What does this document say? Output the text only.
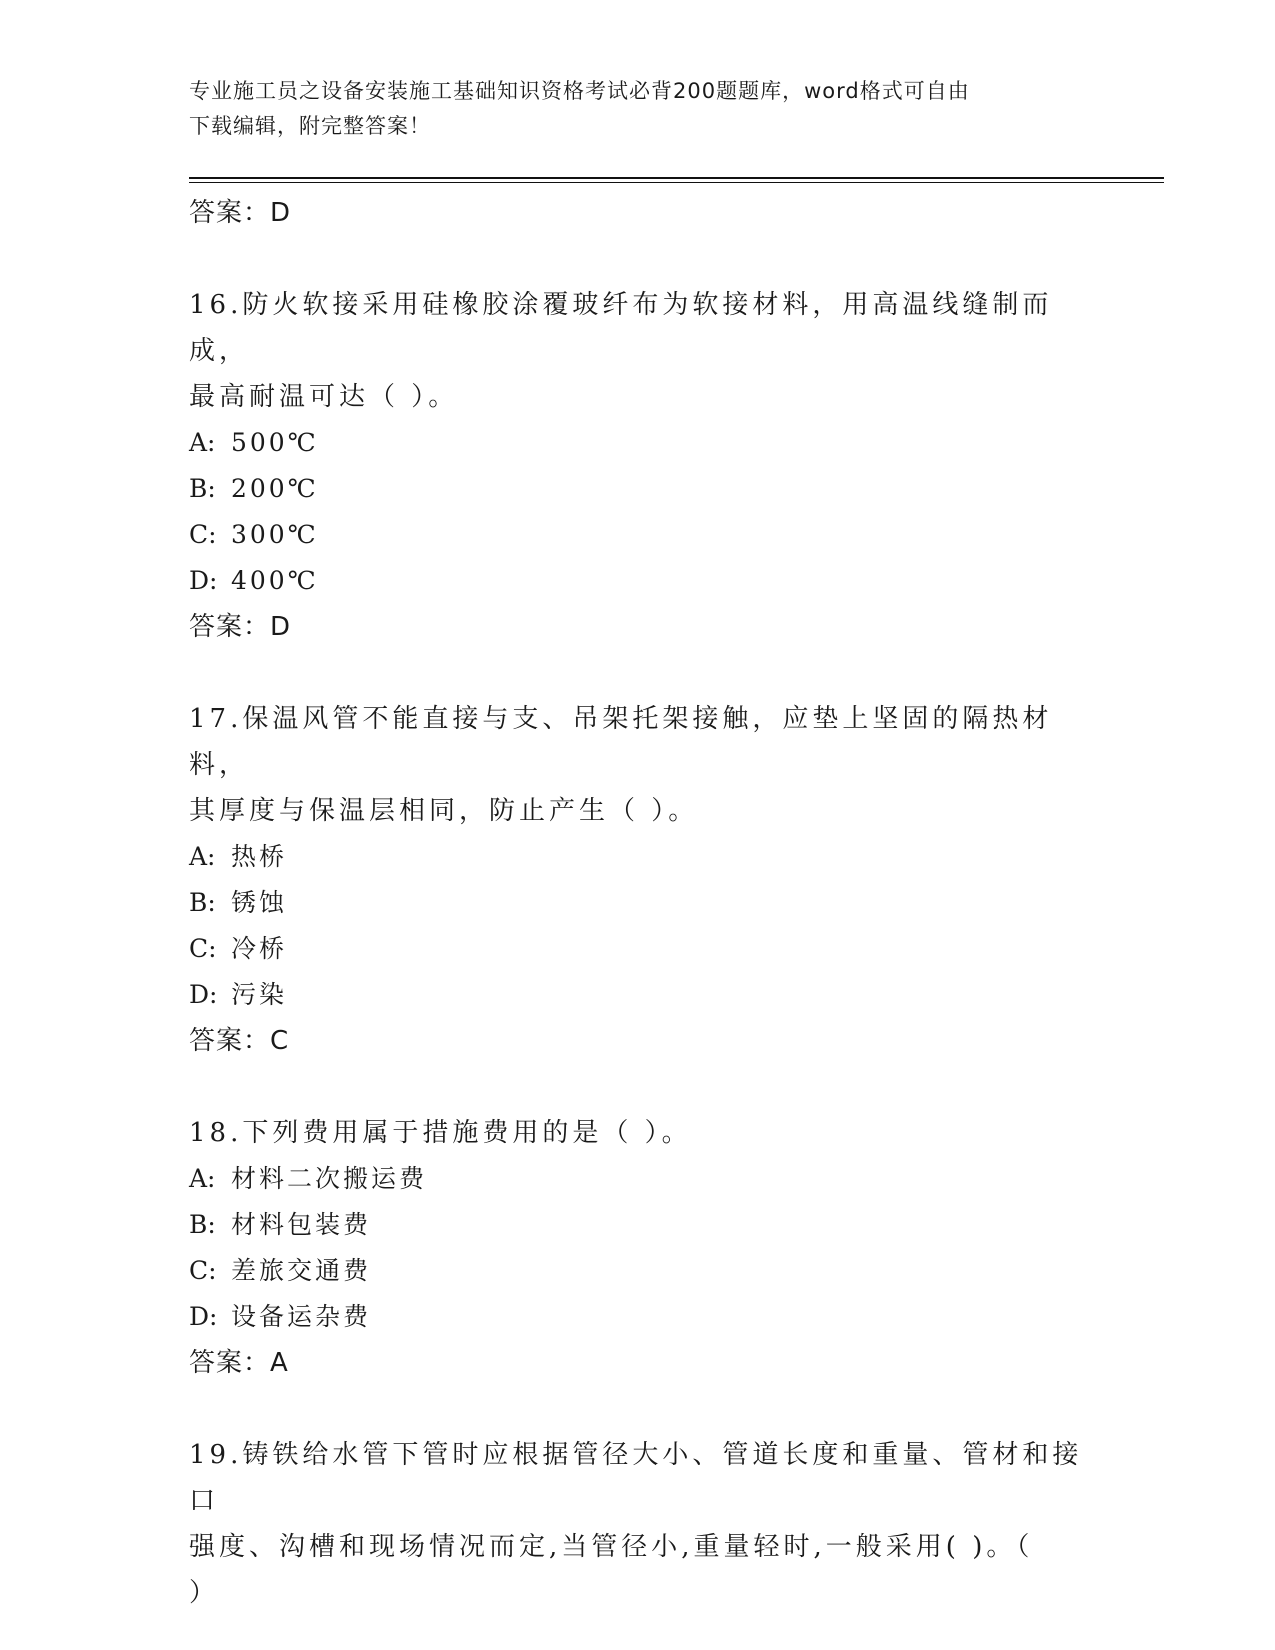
专业施工员之设备安装施工基础知识资格考试必背200题题库，word格式可自由
下载编辑，附完整答案！
答案：D
16.防火软接采用硅橡胶涂覆玻纤布为软接材料，用高温线缝制而成，
最高耐温可达（ ）。
A: 500℃
B: 200℃
C: 300℃
D: 400℃
答案：D
17.保温风管不能直接与支、吊架托架接触，应垫上坚固的隔热材料，
其厚度与保温层相同，防止产生（ ）。
A: 热桥
B: 锈蚀
C: 冷桥
D: 污染
答案：C
18.下列费用属于措施费用的是（ ）。
A: 材料二次搬运费
B: 材料包装费
C: 差旅交通费
D: 设备运杂费
答案：A
19.铸铁给水管下管时应根据管径大小、管道长度和重量、管材和接口
强度、沟槽和现场情况而定,当管径小,重量轻时,一般采用( )。（
）
